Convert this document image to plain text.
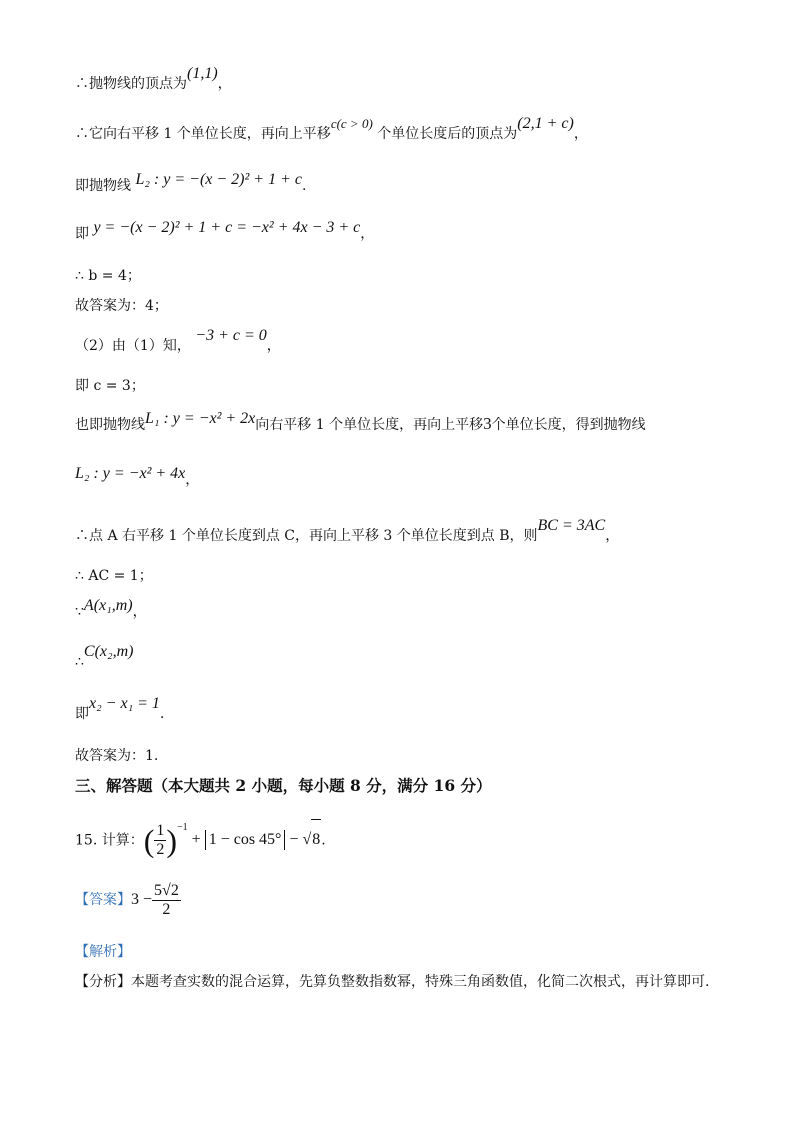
∴抛物线的顶点为(1,1)，
∴它向右平移 1 个单位长度，再向上平移c(c > 0) 个单位长度后的顶点为(2,1 + c)，
即抛物线 L₂ : y = −(x − 2)² + 1 + c.
即 y = −(x − 2)² + 1 + c = −x² + 4x − 3 + c，
∴ b = 4；
故答案为：4；
（2）由（1）知， −3 + c = 0，
即 c = 3；
也即抛物线L₁ : y = −x² + 2x向右平移 1 个单位长度，再向上平移3个单位长度，得到抛物线
L₂ : y = −x² + 4x，
∴点 A 右平移 1 个单位长度到点 C，再向上平移 3 个单位长度到点 B，则BC = 3AC，
∴ AC = 1；
∵A(x₁,m)，
∴C(x₂,m)
即x₂ − x₁ = 1.
故答案为：1.
三、解答题（本大题共 2 小题，每小题 8 分，满分 16 分）
15. 计算：( $\frac{1}{2} )^{-1} + 1 - \cos 45^\circ - √8$.
【答案】$3 - \frac{5√2}{2}$
【解析】
【分析】本题考查实数的混合运算，先算负整数指数幂，特殊三角函数值，化简二次根式，再计算即可.
